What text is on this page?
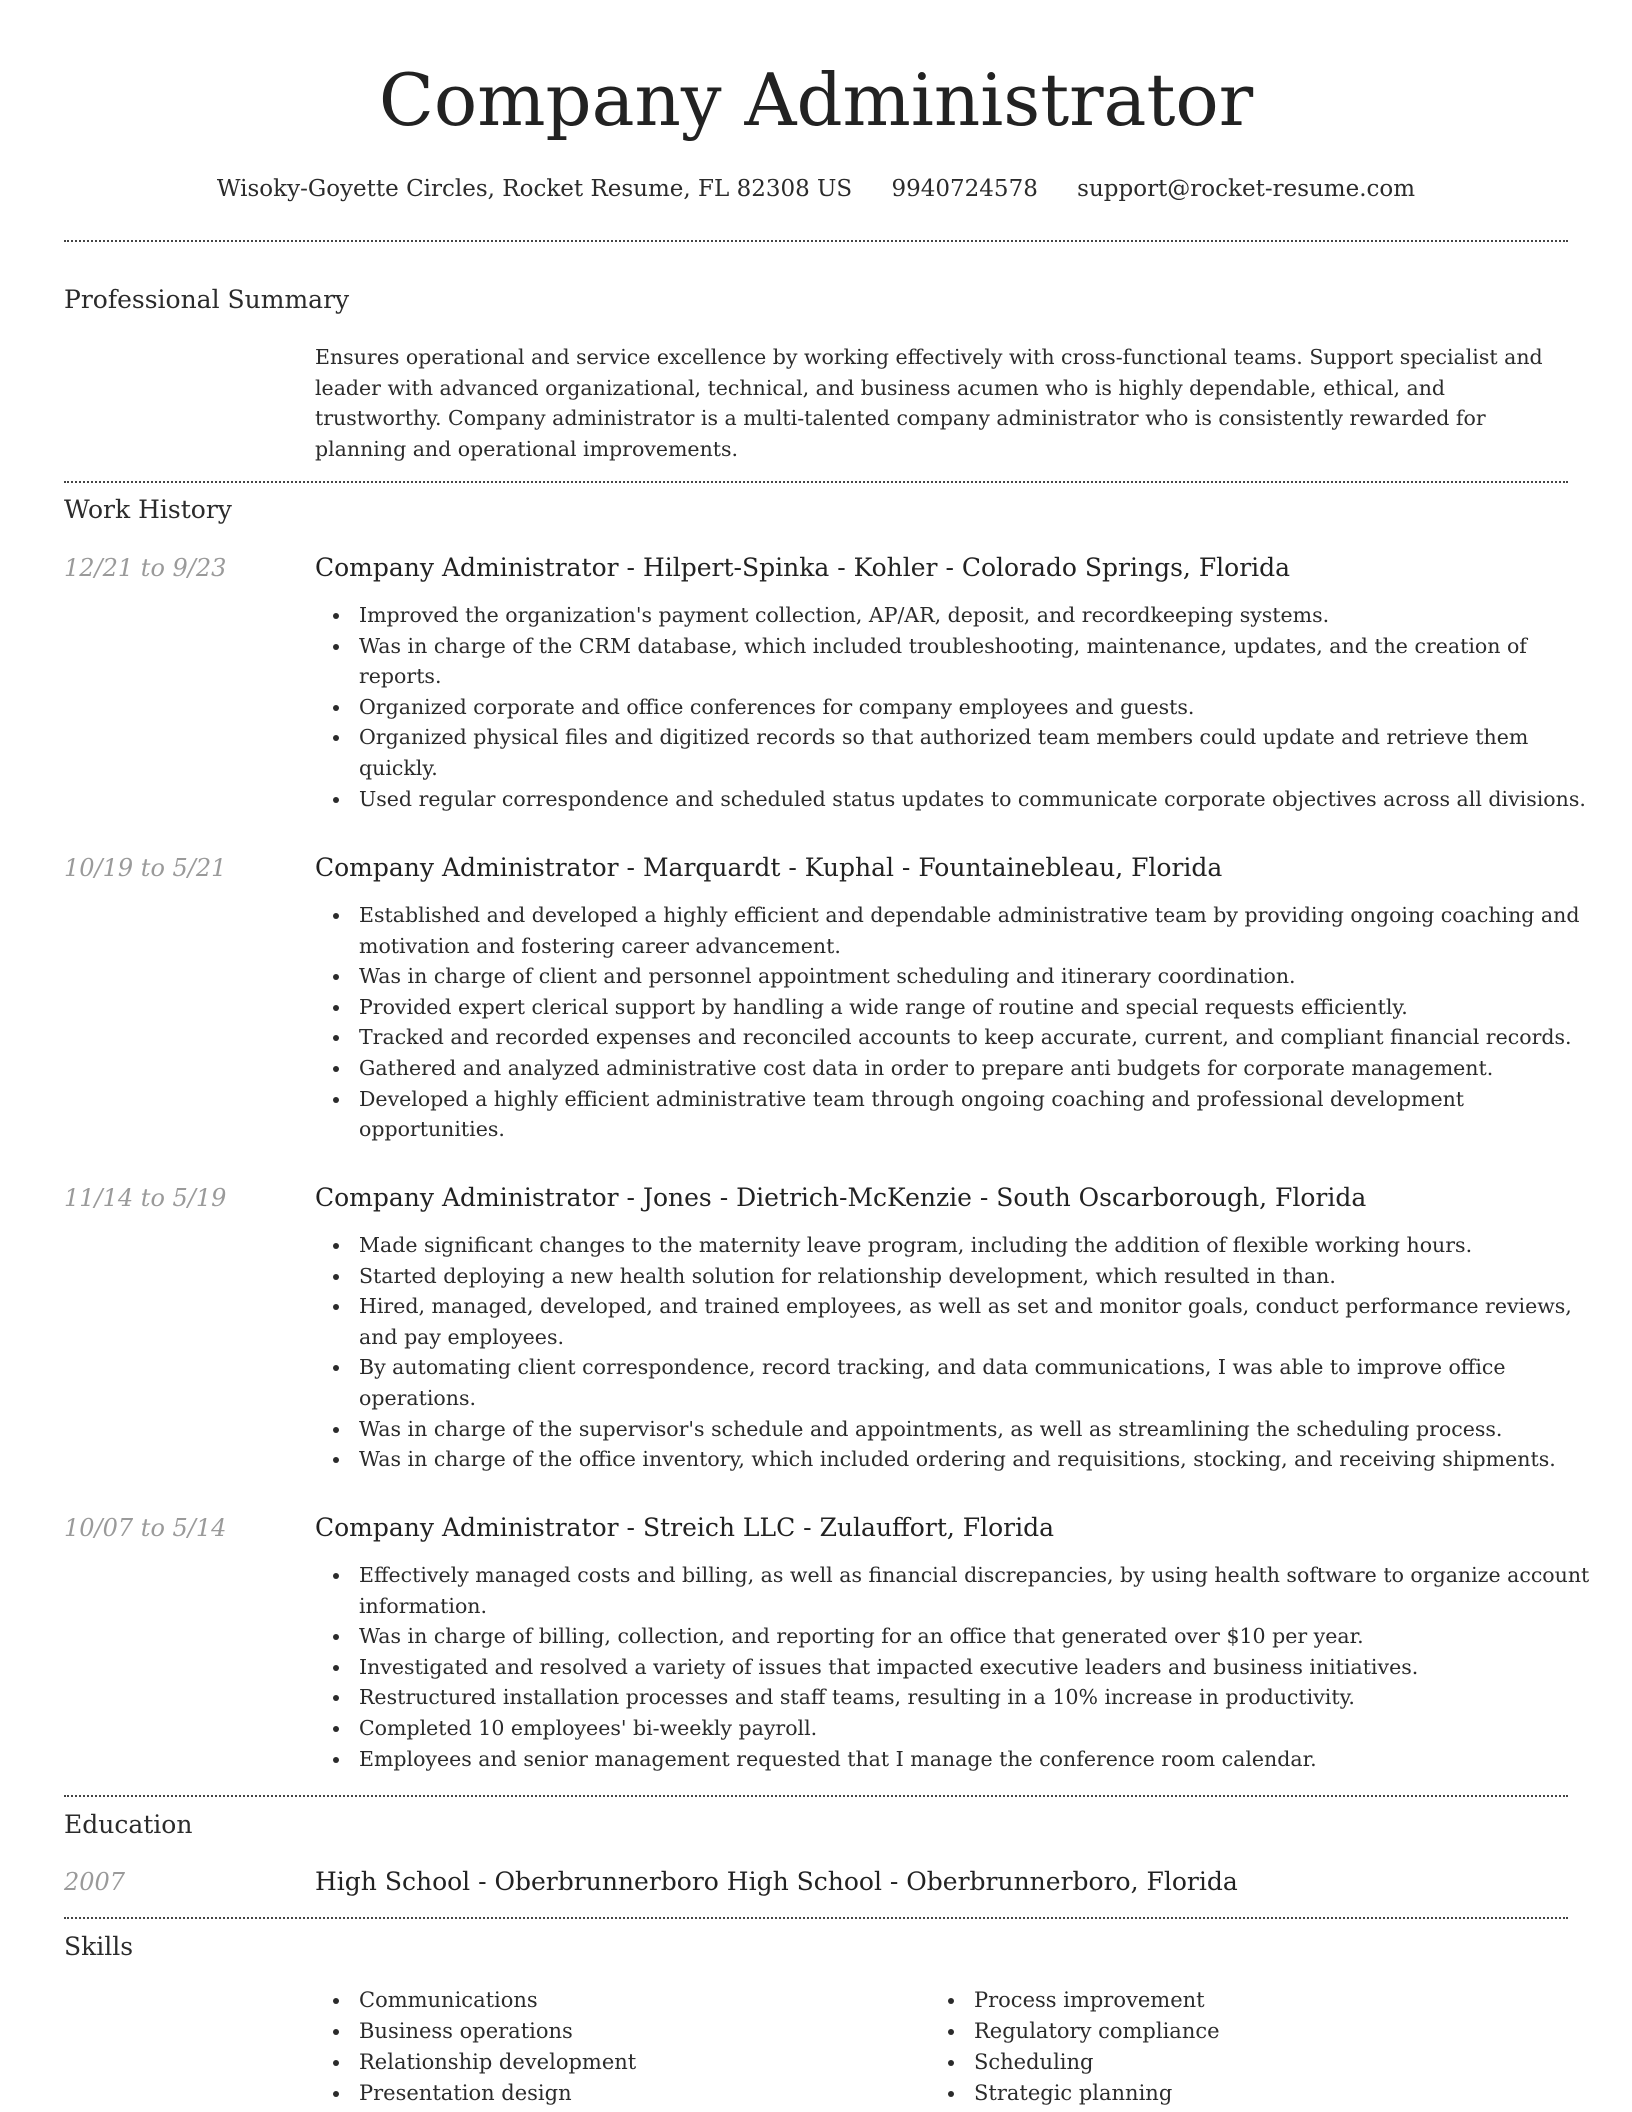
Company Administrator
Wisoky-Goyette Circles, Rocket Resume, FL 82308 US 9940724578 support@rocket-resume.com
Professional Summary

Ensures operational and service excellence by working effectively with cross-functional teams. Support specialist and leader with advanced organizational, technical, and business acumen who is highly dependable, ethical, and trustworthy. Company administrator is a multi-talented company administrator who is consistently rewarded for planning and operational improvements.

Work History
12/21 to 9/23	Company Administrator - Hilpert-Spinka - Kohler - Colorado Springs, Florida
Improved the organization's payment collection, AP/AR, deposit, and recordkeeping systems.
Was in charge of the CRM database, which included troubleshooting, maintenance, updates, and the creation of reports.
Organized corporate and office conferences for company employees and guests.
Organized physical files and digitized records so that authorized team members could update and retrieve them quickly.
Used regular correspondence and scheduled status updates to communicate corporate objectives across all divisions.
10/19 to 5/21	Company Administrator - Marquardt - Kuphal - Fountainebleau, Florida
Established and developed a highly efficient and dependable administrative team by providing ongoing coaching and motivation and fostering career advancement.
Was in charge of client and personnel appointment scheduling and itinerary coordination.
Provided expert clerical support by handling a wide range of routine and special requests efficiently.
Tracked and recorded expenses and reconciled accounts to keep accurate, current, and compliant financial records.
Gathered and analyzed administrative cost data in order to prepare anti budgets for corporate management.
Developed a highly efficient administrative team through ongoing coaching and professional development opportunities.
11/14 to 5/19	Company Administrator - Jones - Dietrich-McKenzie - South Oscarborough, Florida
Made significant changes to the maternity leave program, including the addition of flexible working hours.
Started deploying a new health solution for relationship development, which resulted in than.
Hired, managed, developed, and trained employees, as well as set and monitor goals, conduct performance reviews, and pay employees.
By automating client correspondence, record tracking, and data communications, I was able to improve office operations.
Was in charge of the supervisor's schedule and appointments, as well as streamlining the scheduling process.
Was in charge of the office inventory, which included ordering and requisitions, stocking, and receiving shipments.
10/07 to 5/14	Company Administrator - Streich LLC - Zulauffort, Florida
Effectively managed costs and billing, as well as financial discrepancies, by using health software to organize account information.
Was in charge of billing, collection, and reporting for an office that generated over $10 per year.
Investigated and resolved a variety of issues that impacted executive leaders and business initiatives.
Restructured installation processes and staff teams, resulting in a 10% increase in productivity.
Completed 10 employees' bi-weekly payroll.
Employees and senior management requested that I manage the conference room calendar.
Education
2007	High School - Oberbrunnerboro High School - Oberbrunnerboro, Florida
Skills
Communications
Business operations
Relationship development
Presentation design
Process improvement
Regulatory compliance
Scheduling
Strategic planning
